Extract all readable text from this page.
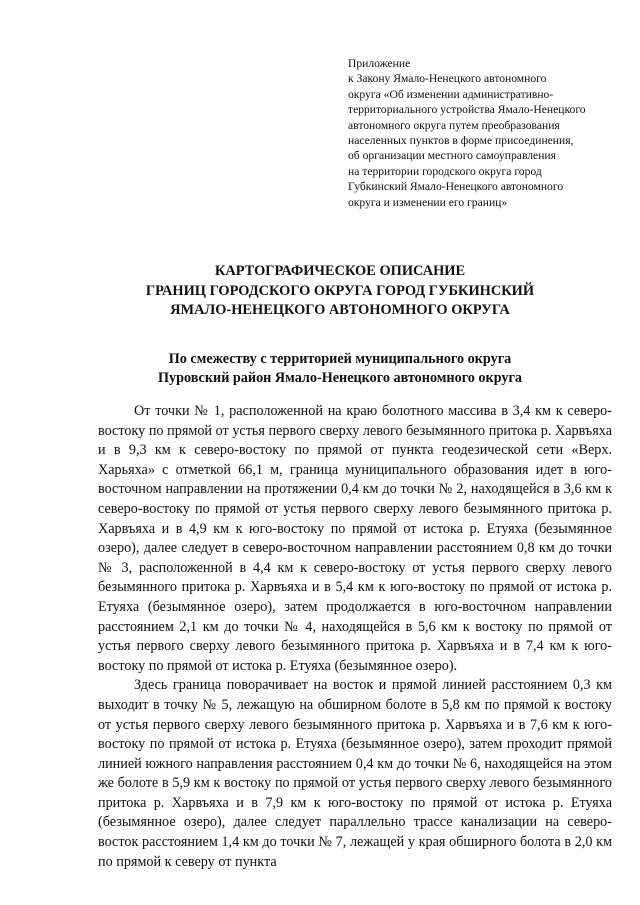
Приложение
к Закону Ямало-Ненецкого автономного
округа «Об изменении административно-
территориального устройства Ямало-Ненецкого
автономного округа путем преобразования
населенных пунктов в форме присоединения,
об организации местного самоуправления
на территории городского округа город
Губкинский Ямало-Ненецкого автономного
округа и изменении его границ»
КАРТОГРАФИЧЕСКОЕ ОПИСАНИЕ
ГРАНИЦ ГОРОДСКОГО ОКРУГА ГОРОД ГУБКИНСКИЙ
ЯМАЛО-НЕНЕЦКОГО АВТОНОМНОГО ОКРУГА
По смежеству с территорией муниципального округа
Пуровский район Ямало-Ненецкого автономного округа

От точки № 1, расположенной на краю болотного массива в 3,4 км к северо-востоку по прямой от устья первого сверху левого безымянного притока р. Харвъяха и в 9,3 км к северо-востоку по прямой от пункта геодезической сети «Верх. Харьяха» с отметкой 66,1 м, граница муниципального образования идет в юго-восточном направлении на протяжении 0,4 км до точки № 2, находящейся в 3,6 км к северо-востоку по прямой от устья первого сверху левого безымянного притока р. Харвъяха и в 4,9 км к юго-востоку по прямой от истока р. Етуяха (безымянное озеро), далее следует в северо-восточном направлении расстоянием 0,8 км до точки № 3, расположенной в 4,4 км к северо-востоку от устья первого сверху левого безымянного притока р. Харвъяха и в 5,4 км к юго-востоку по прямой от истока р. Етуяха (безымянное озеро), затем продолжается в юго-восточном направлении расстоянием 2,1 км до точки № 4, находящейся в 5,6 км к востоку по прямой от устья первого сверху левого безымянного притока р. Харвъяха и в 7,4 км к юго-востоку по прямой от истока р. Етуяха (безымянное озеро).

Здесь граница поворачивает на восток и прямой линией расстоянием 0,3 км выходит в точку № 5, лежащую на обширном болоте в 5,8 км по прямой к востоку от устья первого сверху левого безымянного притока р. Харвъяха и в 7,6 км к юго-востоку по прямой от истока р. Етуяха (безымянное озеро), затем проходит прямой линией южного направления расстоянием 0,4 км до точки № 6, находящейся на этом же болоте в 5,9 км к востоку по прямой от устья первого сверху левого безымянного притока р. Харвъяха и в 7,9 км к юго-востоку по прямой от истока р. Етуяха (безымянное озеро), далее следует параллельно трассе канализации на северо-восток расстоянием 1,4 км до точки № 7, лежащей у края обширного болота в 2,0 км по прямой к северу от пункта
